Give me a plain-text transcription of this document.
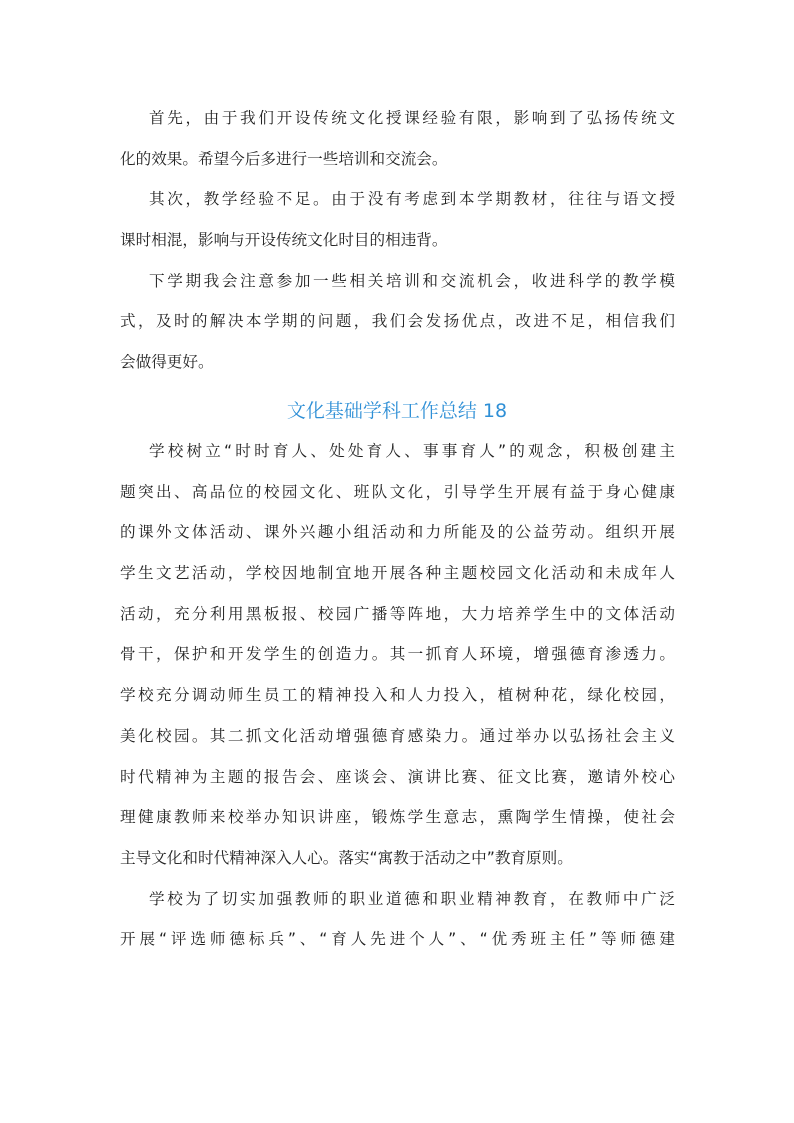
首先，由于我们开设传统文化授课经验有限，影响到了弘扬传统文
化的效果。希望今后多进行一些培训和交流会。
其次，教学经验不足。由于没有考虑到本学期教材，往往与语文授
课时相混，影响与开设传统文化时目的相违背。
下学期我会注意参加一些相关培训和交流机会，收进科学的教学模
式，及时的解决本学期的问题，我们会发扬优点，改进不足，相信我们
会做得更好。
文化基础学科工作总结 18
学校树立“时时育人、处处育人、事事育人”的观念，积极创建主
题突出、高品位的校园文化、班队文化，引导学生开展有益于身心健康
的课外文体活动、课外兴趣小组活动和力所能及的公益劳动。组织开展
学生文艺活动，学校因地制宜地开展各种主题校园文化活动和未成年人
活动，充分利用黑板报、校园广播等阵地，大力培养学生中的文体活动
骨干，保护和开发学生的创造力。其一抓育人环境，增强德育渗透力。
学校充分调动师生员工的精神投入和人力投入，植树种花，绿化校园，
美化校园。其二抓文化活动增强德育感染力。通过举办以弘扬社会主义
时代精神为主题的报告会、座谈会、演讲比赛、征文比赛，邀请外校心
理健康教师来校举办知识讲座，锻炼学生意志，熏陶学生情操，使社会
主导文化和时代精神深入人心。落实“寓教于活动之中”教育原则。
学校为了切实加强教师的职业道德和职业精神教育，在教师中广泛
开展“评选师德标兵”、“育人先进个人”、“优秀班主任”等师德建
